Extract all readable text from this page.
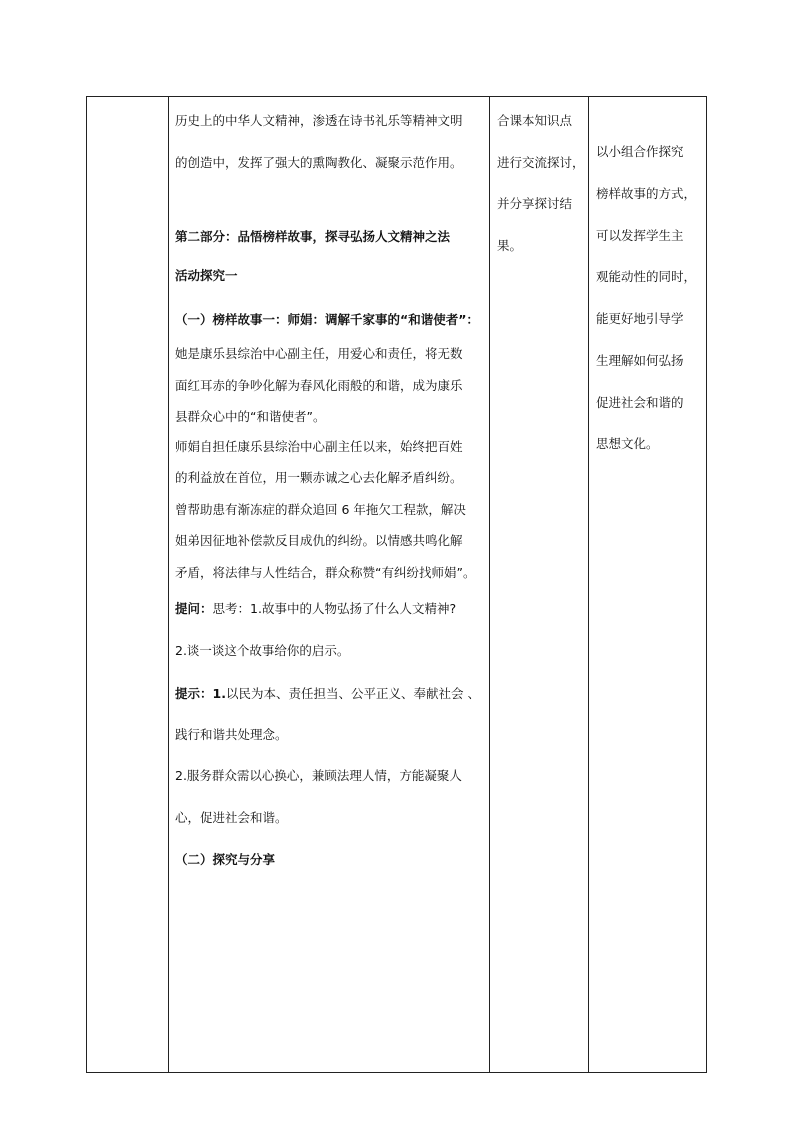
历史上的中华人文精神，渗透在诗书礼乐等精神文明
的创造中，发挥了强大的熏陶教化、凝聚示范作用。
第二部分：品悟榜样故事，探寻弘扬人文精神之法
活动探究一
（一）榜样故事一：师娟：调解千家事的“和谐使者”：
她是康乐县综治中心副主任，用爱心和责任，将无数
面红耳赤的争吵化解为春风化雨般的和谐，成为康乐
县群众心中的“和谐使者”。
师娟自担任康乐县综治中心副主任以来，始终把百姓
的利益放在首位，用一颗赤诚之心去化解矛盾纠纷。
曾帮助患有渐冻症的群众追回 6 年拖欠工程款，解决
姐弟因征地补偿款反目成仇的纠纷。以情感共鸣化解
矛盾，将法律与人性结合，群众称赞“有纠纷找师娟”。
提问：思考：1.故事中的人物弘扬了什么人文精神?
2.谈一谈这个故事给你的启示。
提示：1.以民为本、责任担当、公平正义、奉献社会 、
践行和谐共处理念。
2.服务群众需以心换心，兼顾法理人情，方能凝聚人
心，促进社会和谐。
（二）探究与分享
合课本知识点
进行交流探讨，
并分享探讨结
果。
以小组合作探究
榜样故事的方式，
可以发挥学生主
观能动性的同时，
能更好地引导学
生理解如何弘扬
促进社会和谐的
思想文化。
